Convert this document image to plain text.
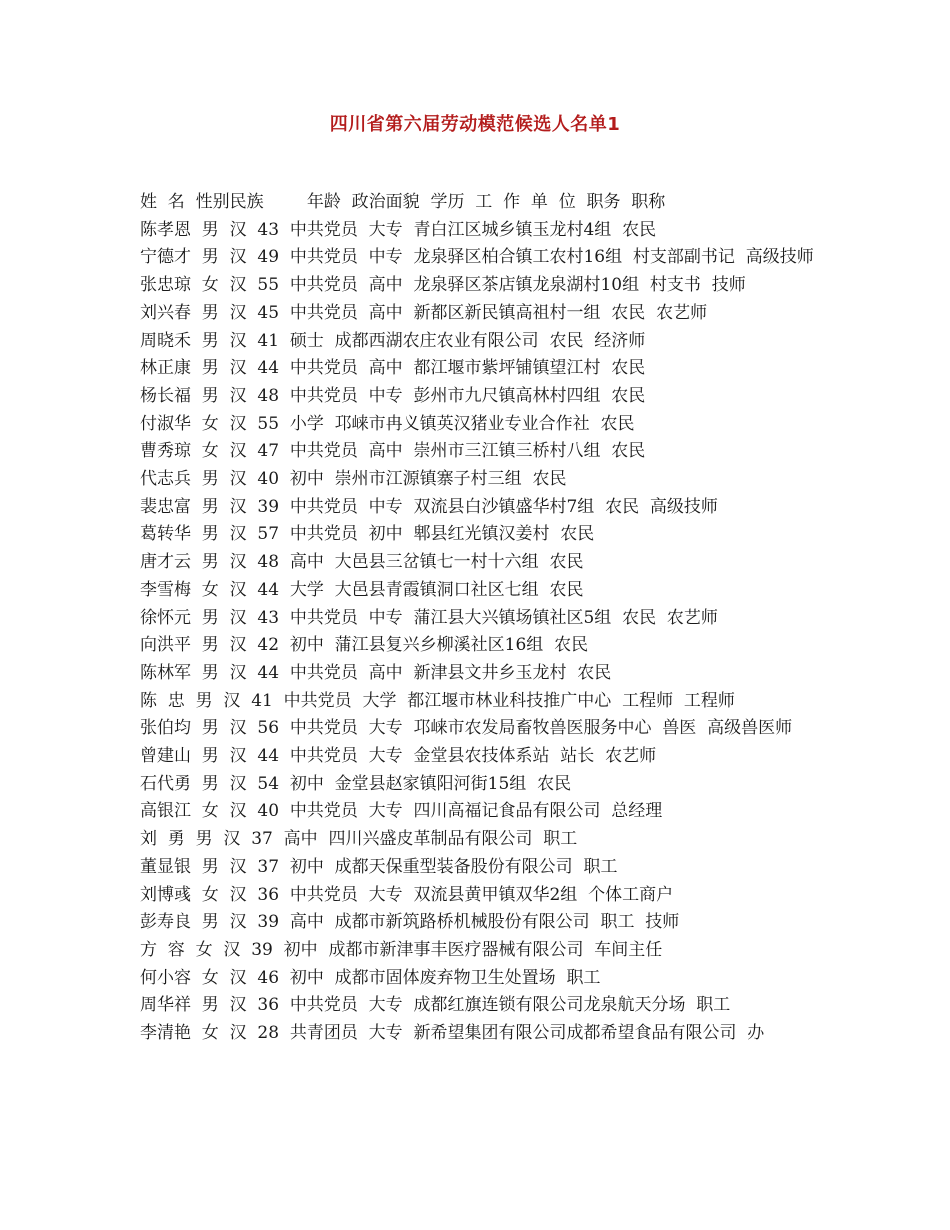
四川省第六届劳动模范候选人名单1
姓  名  性别民族        年龄  政治面貌  学历  工  作  单  位  职务  职称
陈孝恩  男  汉  43  中共党员  大专  青白江区城乡镇玉龙村4组  农民
宁德才  男  汉  49  中共党员  中专  龙泉驿区柏合镇工农村16组  村支部副书记  高级技师
张忠琼  女  汉  55  中共党员  高中  龙泉驿区茶店镇龙泉湖村10组  村支书  技师
刘兴春  男  汉  45  中共党员  高中  新都区新民镇高祖村一组  农民  农艺师
周晓禾  男  汉  41  硕士  成都西湖农庄农业有限公司  农民  经济师
林正康  男  汉  44  中共党员  高中  都江堰市紫坪铺镇望江村  农民
杨长福  男  汉  48  中共党员  中专  彭州市九尺镇高林村四组  农民
付淑华  女  汉  55  小学  邛崃市冉义镇英汉猪业专业合作社  农民
曹秀琼  女  汉  47  中共党员  高中  崇州市三江镇三桥村八组  农民
代志兵  男  汉  40  初中  崇州市江源镇寨子村三组  农民
裴忠富  男  汉  39  中共党员  中专  双流县白沙镇盛华村7组  农民  高级技师
葛转华  男  汉  57  中共党员  初中  郫县红光镇汉姜村  农民
唐才云  男  汉  48  高中  大邑县三岔镇七一村十六组  农民
李雪梅  女  汉  44  大学  大邑县青霞镇洞口社区七组  农民
徐怀元  男  汉  43  中共党员  中专  蒲江县大兴镇场镇社区5组  农民  农艺师
向洪平  男  汉  42  初中  蒲江县复兴乡柳溪社区16组  农民
陈林军  男  汉  44  中共党员  高中  新津县文井乡玉龙村  农民
陈  忠  男  汉  41  中共党员  大学  都江堰市林业科技推广中心  工程师  工程师
张伯均  男  汉  56  中共党员  大专  邛崃市农发局畜牧兽医服务中心  兽医  高级兽医师
曾建山  男  汉  44  中共党员  大专  金堂县农技体系站  站长  农艺师
石代勇  男  汉  54  初中  金堂县赵家镇阳河街15组  农民
高银江  女  汉  40  中共党员  大专  四川高福记食品有限公司  总经理
刘  勇  男  汉  37  高中  四川兴盛皮革制品有限公司  职工
董显银  男  汉  37  初中  成都天保重型装备股份有限公司  职工
刘博彧  女  汉  36  中共党员  大专  双流县黄甲镇双华2组  个体工商户
彭寿良  男  汉  39  高中  成都市新筑路桥机械股份有限公司  职工  技师
方  容  女  汉  39  初中  成都市新津事丰医疗器械有限公司  车间主任
何小容  女  汉  46  初中  成都市固体废弃物卫生处置场  职工
周华祥  男  汉  36  中共党员  大专  成都红旗连锁有限公司龙泉航天分场  职工
李清艳  女  汉  28  共青团员  大专  新希望集团有限公司成都希望食品有限公司  办
